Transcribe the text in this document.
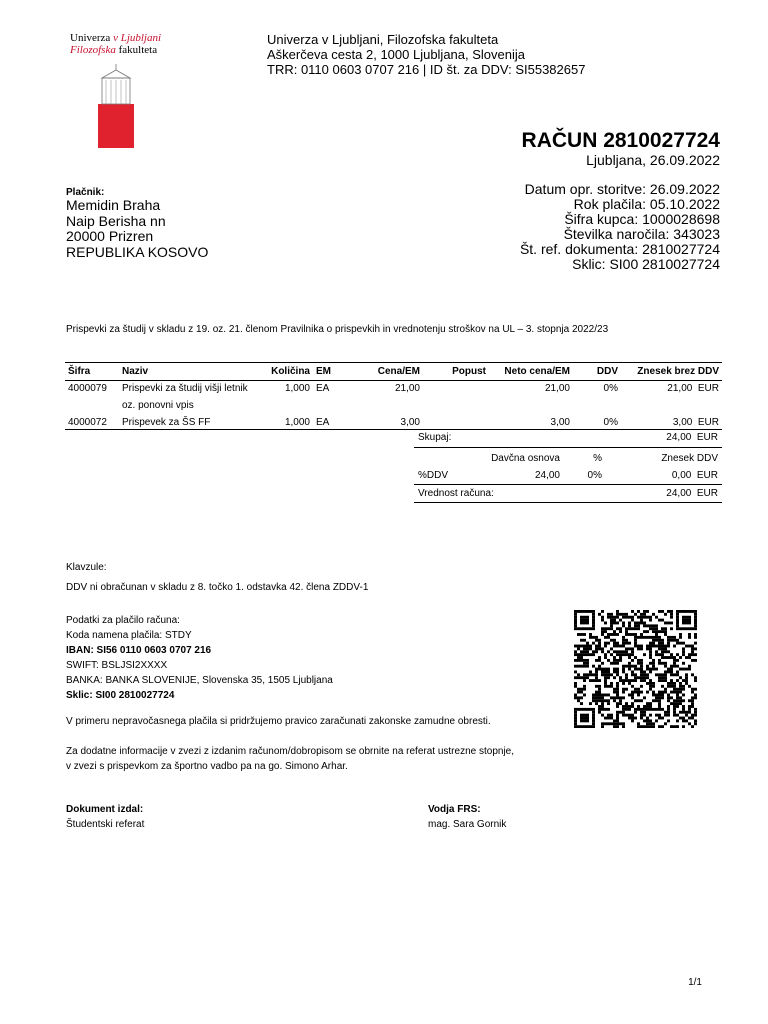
Univerza v Ljubljani
Filozofska fakulteta
Univerza v Ljubljani, Filozofska fakulteta
Aškerčeva cesta 2, 1000 Ljubljana, Slovenija
TRR: 0110 0603 0707 216 | ID št. za DDV: SI55382657
RAČUN 2810027724
Ljubljana, 26.09.2022
Datum opr. storitve: 26.09.2022
Rok plačila: 05.10.2022
Šifra kupca: 1000028698
Številka naročila: 343023
Št. ref. dokumenta: 2810027724
Sklic: SI00 2810027724
Plačnik:
Memidin Braha
Naip Berisha nn
20000 Prizren
REPUBLIKA KOSOVO
Prispevki za študij v skladu z 19. oz. 21. členom Pravilnika o prispevkih in vrednotenju stroškov na UL – 3. stopnja 2022/23
Šifra	Naziv	Količina	EM	Cena/EM	Popust	Neto cena/EM	DDV	Znesek brez DDV
4000079	Prispevki za študij višji letnik	1,000	EA	21,00		21,00	0%	21,00  EUR
	oz. ponovni vpis							
4000072	Prispevek za ŠS FF	1,000	EA	3,00		3,00	0%	3,00  EUR
Skupaj:	24,00  EUR
Davčna osnova	%	Znesek DDV
%DDV	24,00	0%	0,00  EUR
Vrednost računa:	24,00  EUR
Klavzule:
DDV ni obračunan v skladu z 8. točko 1. odstavka 42. člena ZDDV-1
Podatki za plačilo računa:
Koda namena plačila: STDY
IBAN: SI56 0110 0603 0707 216
SWIFT: BSLJSI2XXXX
BANKA: BANKA SLOVENIJE, Slovenska 35, 1505 Ljubljana
Sklic: SI00 2810027724
V primeru nepravočasnega plačila si pridržujemo pravico zaračunati zakonske zamudne obresti.
Za dodatne informacije v zvezi z izdanim računom/dobropisom se obrnite na referat ustrezne stopnje,
v zvezi s prispevkom za športno vadbo pa na go. Simono Arhar.
Dokument izdal:
Študentski referat
Vodja FRS:
mag. Sara Gornik
1/1
